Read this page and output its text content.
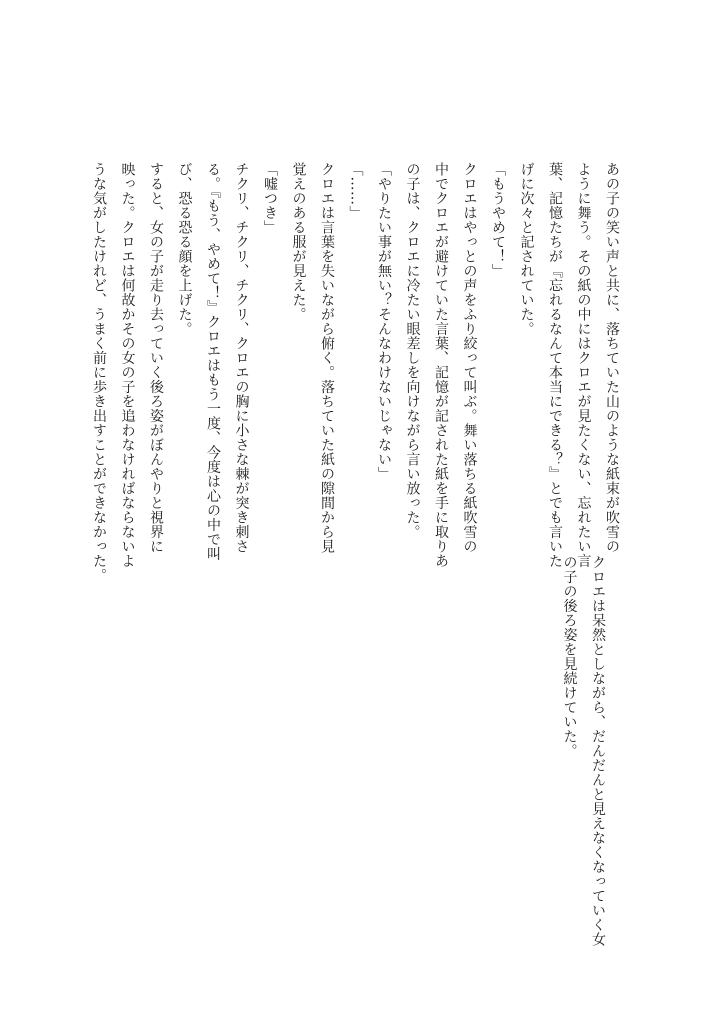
あの子の笑い声と共に、落ちていた山のような紙束が吹雪の
ように舞う。その紙の中にはクロエが見たくない、忘れたい言
葉、記憶たちが『忘れるなんて本当にできる？』とでも言いた
げに次々と記されていた。
「もうやめて！」
クロエはやっとの声をふり絞って叫ぶ。舞い落ちる紙吹雪の
中でクロエが避けていた言葉、記憶が記された紙を手に取りあ
の子は、クロエに冷たい眼差しを向けながら言い放った。
「やりたい事が無い？そんなわけないじゃない」
「……」
クロエは言葉を失いながら俯く。落ちていた紙の隙間から見
覚えのある服が見えた。
「嘘つき」
チクリ、チクリ、チクリ、クロエの胸に小さな棘が突き刺さ
る。『もう、やめて！』クロエはもう一度、今度は心の中で叫
び、恐る恐る顔を上げた。
すると、女の子が走り去っていく後ろ姿がぼんやりと視界に
映った。クロエは何故かその女の子を追わなければならないよ
うな気がしたけれど、うまく前に歩き出すことができなかった。
クロエは呆然としながら、だんだんと見えなくなっていく女
の子の後ろ姿を見続けていた。
